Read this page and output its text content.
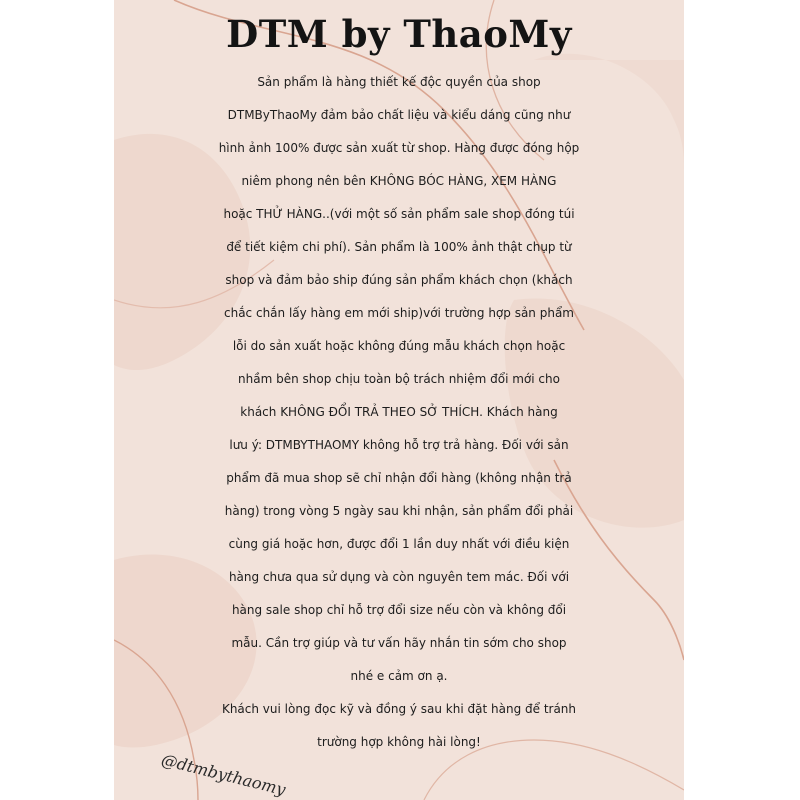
DTM by ThaoMy
Sản phẩm là hàng thiết kế độc quyền của shop
DTMByThaoMy đảm bảo chất liệu và kiểu dáng cũng như
hình ảnh 100% được sản xuất từ shop. Hàng được đóng hộp
niêm phong nên bên KHÔNG BÓC HÀNG, XEM HÀNG
hoặc THỬ HÀNG..(với một số sản phẩm sale shop đóng túi
để tiết kiệm chi phí). Sản phẩm là 100% ảnh thật chụp từ
shop và đảm bảo ship đúng sản phẩm khách chọn (khách
chắc chắn lấy hàng em mới ship)với trường hợp sản phẩm
lỗi do sản xuất hoặc không đúng mẫu khách chọn hoặc
nhầm bên shop chịu toàn bộ trách nhiệm đổi mới cho
khách KHÔNG ĐỔI TRẢ THEO SỞ THÍCH. Khách hàng
lưu ý: DTMBYTHAOMY không hỗ trợ trả hàng. Đối với sản
phẩm đã mua shop sẽ chỉ nhận đổi hàng (không nhận trả
hàng) trong vòng 5 ngày sau khi nhận, sản phẩm đổi phải
cùng giá hoặc hơn, được đổi 1 lần duy nhất với điều kiện
hàng chưa qua sử dụng và còn nguyên tem mác. Đối với
hàng sale shop chỉ hỗ trợ đổi size nếu còn và không đổi
mẫu. Cần trợ giúp và tư vấn hãy nhắn tin sớm cho shop
nhé e cảm ơn ạ.
Khách vui lòng đọc kỹ và đồng ý sau khi đặt hàng để tránh
trường hợp không hài lòng!
@dtmbythaomy
